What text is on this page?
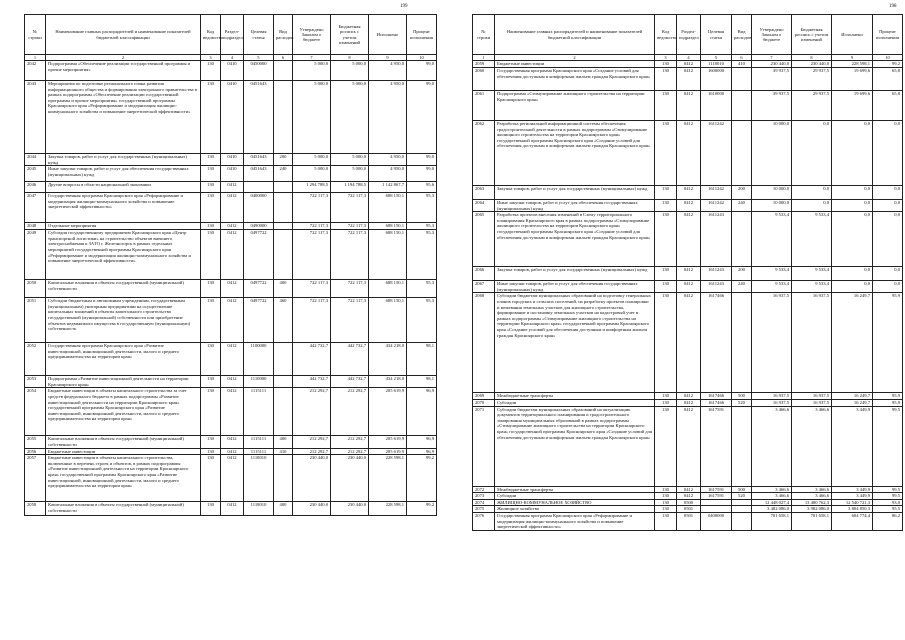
199
№ строки	Наименование главных распорядителей и наименование показателей бюджетной классификации	Код ведомства	Раздел-подраздел	Целевая статья	Вид расходов	Утверждено Законом о бюджете	Бюджетная роспись с учетом изменений	Исполнено	Процент исполнения
1	2	3	4	5	6	7	8	9	10
2042	Подпрограмма «Обеспечение реализации государственной программы и прочие мероприятия»	130	0410	0450000		5 000,0	5 000,0	4 950,0	99,0
2043	Мероприятия по подготовке регионального плана развития информационного общества и формирования электронного правительства в рамках подпрограммы «Обеспечение реализации государственной программы и прочие мероприятия» государственной программы Красноярского края «Реформирование и модернизация жилищно-коммунального хозяйства и повышение энергетической эффективности»	130	0410	0451643		5 000,0	5 000,0	4 950,0	99,0
2044	Закупка товаров, работ и услуг для государственных (муниципальных) нужд	130	0410	0451643	200	5 000,0	5 000,0	4 950,0	99,0
2045	Иные закупки товаров, работ и услуг для обеспечения государственных (муниципальных) нужд	130	0410	0451643	240	5 000,0	5 000,0	4 950,0	99,0
2046	Другие вопросы в области национальной экономики	130	0412			1 294 788,5	1 194 788,5	1 142 867,7	95,6
2047	Государственная программа Красноярского края «Реформирование и модернизация жилищно-коммунального хозяйства и повышение энергетической эффективности»	130	0412	0400000		722 117,3	722 117,3	688 150,1	95,3
2048	Отдельные мероприятия	130	0412	0490000		722 117,3	722 117,3	688 150,1	95,3
2049	Субсидия государственному предприятию Красноярского края «Центр транспортной логистики» на строительство объектов внешнего электроснабжения к ЗАТО г. Железногорск в рамках отдельных мероприятий государственной программы Красноярского края «Реформирование и модернизация жилищно-коммунального хозяйства и повышение энергетической эффективности»	130	0412	0497722		722 117,3	722 117,3	688 150,1	95,3
2050	Капитальные вложения в объекты государственной (муниципальной) собственности	130	0412	0497722	400	722 117,3	722 117,3	688 150,1	95,3
2051	Субсидии бюджетным и автономным учреждениям, государственным (муниципальным) унитарным предприятиям на осуществление капитальных вложений в объекты капитального строительства государственной (муниципальной) собственности или приобретение объектов недвижимого имущества в государственную (муниципальную) собственность	130	0412	0497722	460	722 117,3	722 117,3	688 150,1	95,3
2052	Государственная программа Красноярского края «Развитие инвестиционной, инновационной деятельности, малого и среднего предпринимательства на территории края»	130	0412	1100000		442 732,7	442 732,7	434 218,0	98,1
2053	Подпрограмма «Развитие инвестиционной деятельности на территории Красноярского края»	130	0412	1110000		442 732,7	442 732,7	434 218,0	98,1
2054	Бюджетные инвестиции в объекты капитального строительства за счет средств федерального бюджета в рамках подпрограммы «Развитие инвестиционной деятельности на территории Красноярского края» государственной программы Красноярского края «Развитие инвестиционной, инновационной деятельности, малого и среднего предпринимательства на территории края»	130	0412	1115111		212 292,7	212 292,7	205 619,9	96,9
2055	Капитальные вложения в объекты государственной (муниципальной) собственности	130	0412	1115111	400	212 292,7	212 292,7	205 619,9	96,9
2056	Бюджетные инвестиции	130	0412	1115111	410	212 292,7	212 292,7	205 619,9	96,9
2057	Бюджетные инвестиции в объекты капитального строительства, включенные в перечень строек и объектов, в рамках подпрограммы «Развитие инвестиционной деятельности на территории Красноярского края» государственной программы Красноярского края «Развитие инвестиционной, инновационной деятельности, малого и среднего предпринимательства на территории края»	130	0412	1118010		230 440,0	230 440,0	228 598,1	99,2
2058	Капитальные вложения в объекты государственной (муниципальной) собственности	130	0412	1118010	400	230 440,0	230 440,0	228 598,1	99,2
198
№ строки	Наименование главных распорядителей и наименование показателей бюджетной классификации	Код ведомства	Раздел-подраздел	Целевая статья	Вид расходов	Утверждено Законом о бюджете	Бюджетная роспись с учетом изменений	Исполнено	Процент исполнения
1	2	3	4	5	6	7	8	9	10
2059	Бюджетные инвестиции	130	0412	1118010	410	230 440,0	230 440,0	228 598,1	99,2
2060	Государственная программа Красноярского края «Создание условий для обеспечения доступным и комфортным жильем граждан Красноярского края»	130	0412	1600000		39 937,5	29 937,5	19 699,6	65,8
2061	Подпрограмма «Стимулирование жилищного строительства на территории Красноярского края»	130	0412	1610000		39 937,5	29 937,5	19 699,6	65,8
2062	Разработка региональной информационной системы обеспечения градостроительной деятельности в рамках подпрограммы «Стимулирование жилищного строительства на территории Красноярского края» государственной программы Красноярского края «Создание условий для обеспечения доступным и комфортным жильем граждан Красноярского края»	130	0412	1611242		10 000,0	0,0	0,0	0,0
2063	Закупка товаров, работ и услуг для государственных (муниципальных) нужд	130	0412	1611242	200	10 000,0	0,0	0,0	0,0
2064	Иные закупки товаров, работ и услуг для обеспечения государственных (муниципальных) нужд	130	0412	1611242	240	10 000,0	0,0	0,0	0,0
2065	Разработка проектов внесения изменений в Схему территориального планирования Красноярского края в рамках подпрограммы «Стимулирование жилищного строительства на территории Красноярского края» государственной программы Красноярского края «Создание условий для обеспечения доступным и комфортным жильем граждан Красноярского края»	130	0412	1611243		9 533,4	9 533,4	0,0	0,0
2066	Закупка товаров, работ и услуг для государственных (муниципальных) нужд	130	0412	1611243	200	9 533,4	9 533,4	0,0	0,0
2067	Иные закупки товаров, работ и услуг для обеспечения государственных (муниципальных) нужд	130	0412	1611243	240	9 533,4	9 533,4	0,0	0,0
2068	Субсидии бюджетам муниципальных образований на подготовку генеральных планов городских и сельских поселений, на разработку проектов планировки и межевания земельных участков для жилищного строительства, формирование и постановку земельных участков на кадастровый учет в рамках подпрограммы «Стимулирование жилищного строительства на территории Красноярского края» государственной программы Красноярского края «Создание условий для обеспечения доступным и комфортным жильем граждан Красноярского края»	130	0412	1617466		16 937,5	16 937,5	16 249,7	95,9
2069	Межбюджетные трансферты	130	0412	1617466	500	16 937,5	16 937,5	16 249,7	95,9
2070	Субсидии	130	0412	1617466	520	16 937,5	16 937,5	16 249,7	95,9
2071	Субсидии бюджетам муниципальных образований на актуализацию документов территориального планирования и градостроительного зонирования муниципальных образований в рамках подпрограммы «Стимулирование жилищного строительства на территории Красноярского края» государственной программы Красноярского края «Создание условий для обеспечения доступным и комфортным жильем граждан Красноярского края»	130	0412	1617591		3 466,6	3 466,6	3 449,9	99,5
2072	Межбюджетные трансферты	130	0412	1617591	500	3 466,6	3 466,6	3 449,9	99,5
2073	Субсидии	130	0412	1617591	520	3 466,6	3 466,6	3 449,9	99,5
2074	ЖИЛИЩНО-КОММУНАЛЬНОЕ ХОЗЯЙСТВО	130	0500			12 448 027,4	13 480 762,3	12 540 721,3	93,0
2075	Жилищное хозяйство	130	0501			3 482 086,0	3 982 086,0	3 804 850,3	95,5
2076	Государственная программа Красноярского края «Реформирование и модернизация жилищно-коммунального хозяйства и повышение энергетической эффективности»	130	0501	0400000		701 658,1	701 658,1	604 774,4	86,2
